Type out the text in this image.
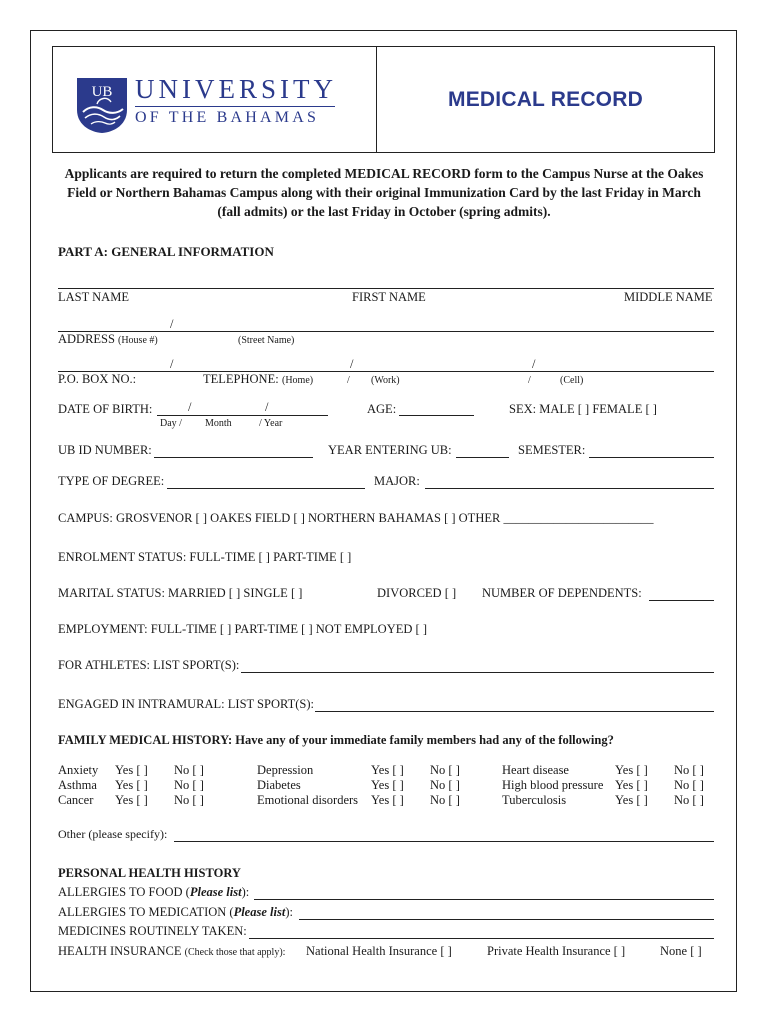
UB UNIVERSITY
OF THE BAHAMAS
MEDICAL RECORD
Applicants are required to return the completed MEDICAL RECORD form to the Campus Nurse at the Oakes Field or Northern Bahamas Campus along with their original Immunization Card by the last Friday in March (fall admits) or the last Friday in October (spring admits).
PART A: GENERAL INFORMATION
LAST NAME	FIRST NAME	MIDDLE NAME
/
ADDRESS (House #)	(Street Name)
/	/	/
P.O. BOX NO.:	TELEPHONE: (Home)	/ (Work)	/	(Cell)
DATE OF BIRTH:	/	/
Day / Month	/ Year
AGE:	SEX: MALE [ ] FEMALE [ ]
UB ID NUMBER:	YEAR ENTERING UB:	SEMESTER:
TYPE OF DEGREE:	MAJOR:
CAMPUS: GROSVENOR [ ] OAKES FIELD [ ] NORTHERN BAHAMAS [ ] OTHER ________________________
ENROLMENT STATUS: FULL-TIME [ ] PART-TIME [ ]
MARITAL STATUS: MARRIED [ ] SINGLE [ ]	DIVORCED [ ] NUMBER OF DEPENDENTS:
EMPLOYMENT: FULL-TIME [ ] PART-TIME [ ] NOT EMPLOYED [ ]
FOR ATHLETES: LIST SPORT(S):
ENGAGED IN INTRAMURAL: LIST SPORT(S):
FAMILY MEDICAL HISTORY: Have any of your immediate family members had any of the following?
Anxiety Yes [ ] No [ ]	Depression	Yes [ ] No [ ]	Heart disease	Yes [ ] No [ ]
Asthma Yes [ ] No [ ]	Diabetes	Yes [ ] No [ ]	High blood pressure Yes [ ] No [ ]
Cancer Yes [ ] No [ ]	Emotional disorders Yes [ ] No [ ]	Tuberculosis	Yes [ ] No [ ]
Other (please specify):
PERSONAL HEALTH HISTORY
ALLERGIES TO FOOD (Please list):
ALLERGIES TO MEDICATION (Please list):
MEDICINES ROUTINELY TAKEN:
HEALTH INSURANCE (Check those that apply): National Health Insurance [ ]	Private Health Insurance [ ]	None [ ]
